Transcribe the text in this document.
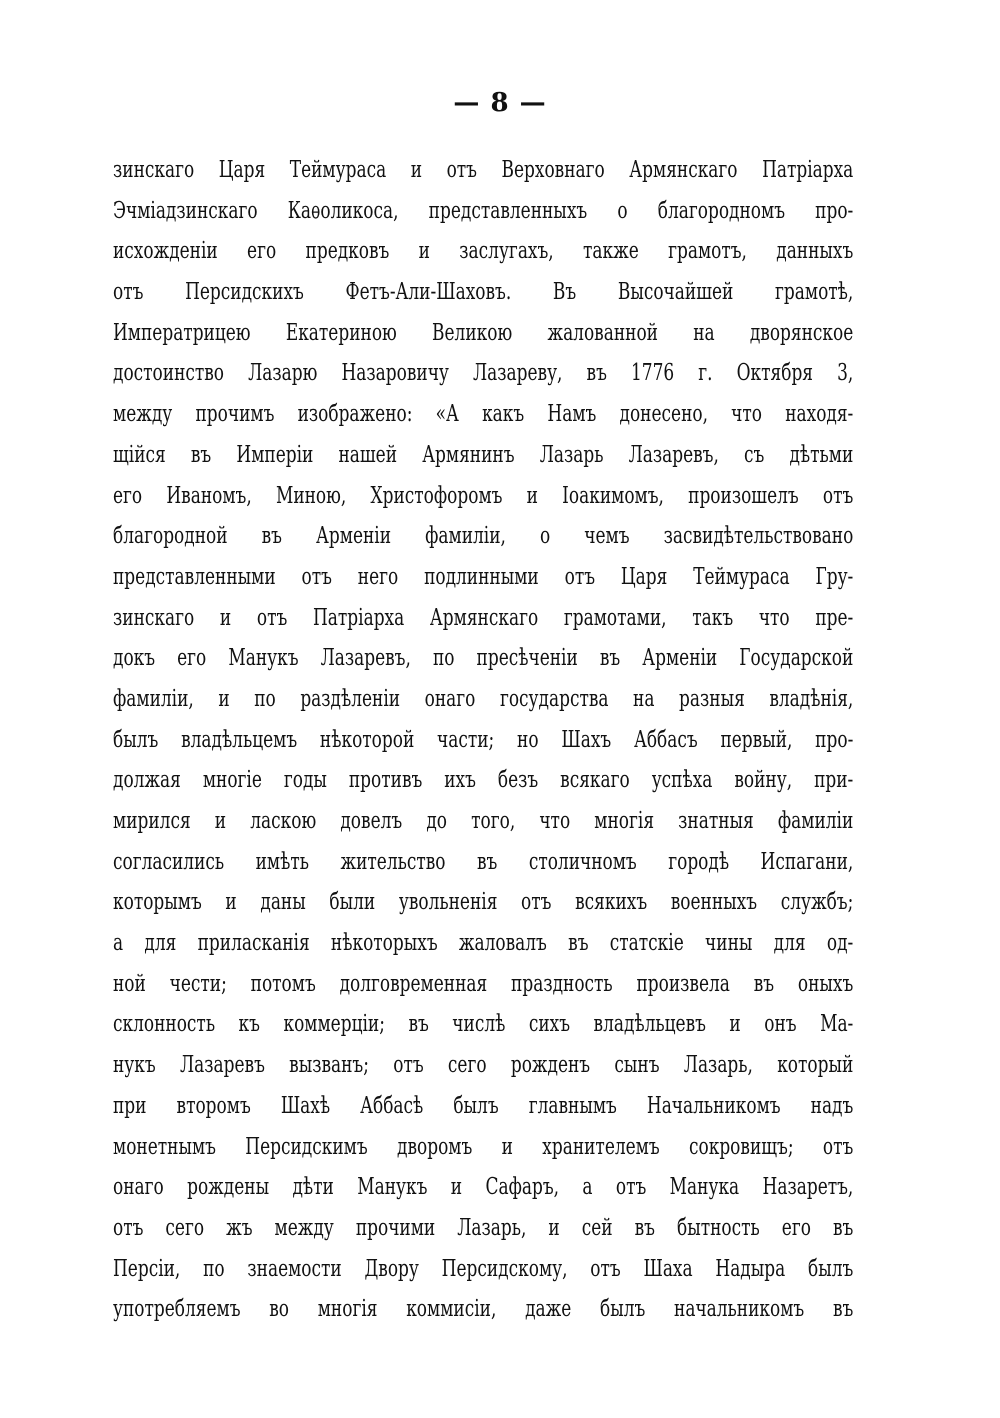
— 8 —
зинскаго Царя Теймураса и отъ Верховнаго Армянскаго Патріарха
Эчміадзинскаго Каѳоликоса, представленныхъ о благородномъ про-
исхожденіи его предковъ и заслугахъ, также грамотъ, данныхъ
отъ Персидскихъ Фетъ-Али-Шаховъ. Въ Высочайшей грамотѣ,
Императрицею Екатериною Великою жалованной на дворянское
достоинство Лазарю Назаровичу Лазареву, въ 1776 г. Октября 3,
между прочимъ изображено: «А какъ Намъ донесено, что находя-
щійся въ Имперіи нашей Армянинъ Лазарь Лазаревъ, съ дѣтьми
его Иваномъ, Миною, Христофоромъ и Іоакимомъ, произошелъ отъ
благородной въ Арменіи фамиліи, о чемъ засвидѣтельствовано
представленными отъ него подлинными отъ Царя Теймураса Гру-
зинскаго и отъ Патріарха Армянскаго грамотами, такъ что пре-
докъ его Манукъ Лазаревъ, по пресѣченіи въ Арменіи Государской
фамиліи, и по раздѣленіи онаго государства на разныя владѣнія,
былъ владѣльцемъ нѣкоторой части; но Шахъ Аббасъ первый, про-
должая многіе годы противъ ихъ безъ всякаго успѣха войну, при-
мирился и ласкою довелъ до того, что многія знатныя фамиліи
согласились имѣть жительство въ столичномъ городѣ Испагани,
которымъ и даны были увольненія отъ всякихъ военныхъ службъ;
а для приласканія нѣкоторыхъ жаловалъ въ статскіе чины для од-
ной чести; потомъ долговременная праздность произвела въ оныхъ
склонность къ коммерціи; въ числѣ сихъ владѣльцевъ и онъ Ма-
нукъ Лазаревъ вызванъ; отъ сего рожденъ сынъ Лазарь, который
при второмъ Шахѣ Аббасѣ былъ главнымъ Начальникомъ надъ
монетнымъ Персидскимъ дворомъ и хранителемъ сокровищъ; отъ
онаго рождены дѣти Манукъ и Сафаръ, а отъ Манука Назаретъ,
отъ сего жъ между прочими Лазарь, и сей въ бытность его въ
Персіи, по знаемости Двору Персидскому, отъ Шаха Надыра былъ
употребляемъ во многія коммисіи, даже былъ начальникомъ въ
